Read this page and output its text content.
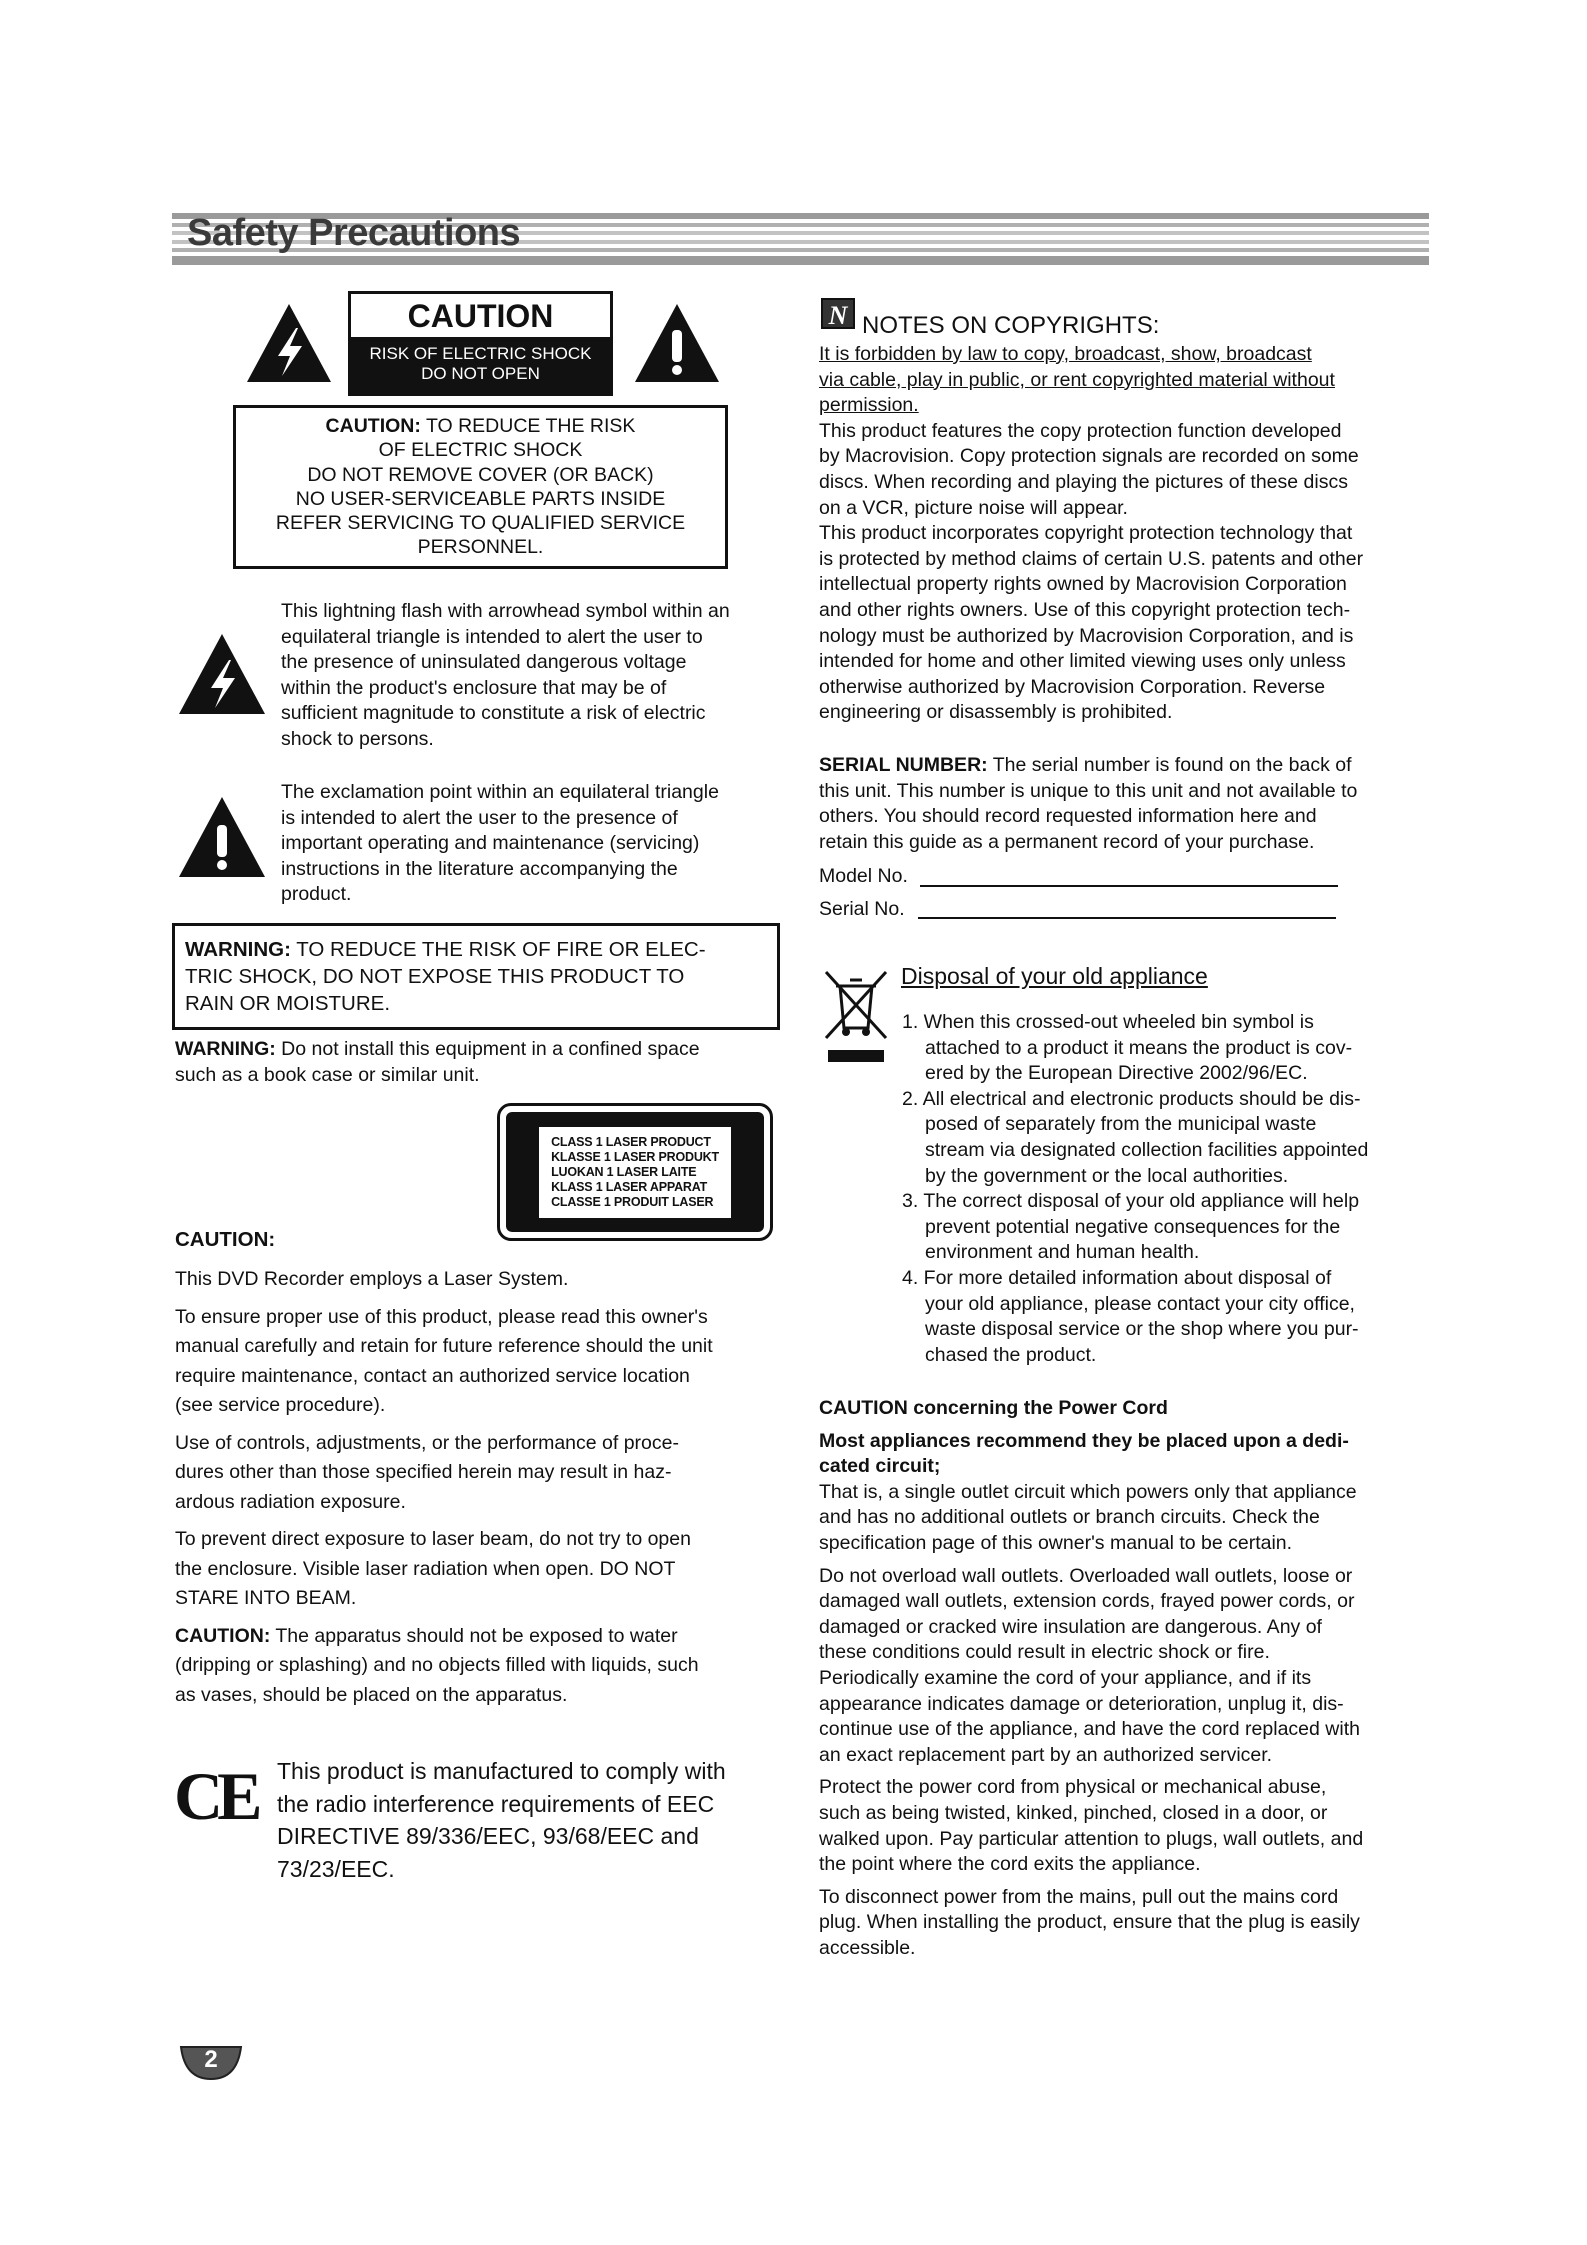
Safety Precautions
CAUTION
RISK OF ELECTRIC SHOCK
DO NOT OPEN
CAUTION: TO REDUCE THE RISK
OF ELECTRIC SHOCK
DO NOT REMOVE COVER (OR BACK)
NO USER-SERVICEABLE PARTS INSIDE
REFER SERVICING TO QUALIFIED SERVICE
PERSONNEL.
This lightning flash with arrowhead symbol within an
equilateral triangle is intended to alert the user to
the presence of uninsulated dangerous voltage
within the product's enclosure that may be of
sufficient magnitude to constitute a risk of electric
shock to persons.
The exclamation point within an equilateral triangle
is intended to alert the user to the presence of
important operating and maintenance (servicing)
instructions in the literature accompanying the
product.
WARNING: TO REDUCE THE RISK OF FIRE OR ELEC-
TRIC SHOCK, DO NOT EXPOSE THIS PRODUCT TO
RAIN OR MOISTURE.
WARNING: Do not install this equipment in a confined space
such as a book case or similar unit.
CLASS 1 LASER PRODUCT
KLASSE 1 LASER PRODUKT
LUOKAN 1 LASER LAITE
KLASS 1 LASER APPARAT
CLASSE 1 PRODUIT LASER
CAUTION:
This DVD Recorder employs a Laser System.
To ensure proper use of this product, please read this owner's
manual carefully and retain for future reference should the unit
require maintenance, contact an authorized service location
(see service procedure).
Use of controls, adjustments, or the performance of proce-
dures other than those specified herein may result in haz-
ardous radiation exposure.
To prevent direct exposure to laser beam, do not try to open
the enclosure. Visible laser radiation when open. DO NOT
STARE INTO BEAM.
CAUTION: The apparatus should not be exposed to water
(dripping or splashing) and no objects filled with liquids, such
as vases, should be placed on the apparatus.
CE This product is manufactured to comply with
the radio interference requirements of EEC
DIRECTIVE 89/336/EEC, 93/68/EEC and
73/23/EEC.
N NOTES ON COPYRIGHTS:
It is forbidden by law to copy, broadcast, show, broadcast
via cable, play in public, or rent copyrighted material without
permission.
This product features the copy protection function developed
by Macrovision. Copy protection signals are recorded on some
discs. When recording and playing the pictures of these discs
on a VCR, picture noise will appear.
This product incorporates copyright protection technology that
is protected by method claims of certain U.S. patents and other
intellectual property rights owned by Macrovision Corporation
and other rights owners. Use of this copyright protection tech-
nology must be authorized by Macrovision Corporation, and is
intended for home and other limited viewing uses only unless
otherwise authorized by Macrovision Corporation. Reverse
engineering or disassembly is prohibited.
SERIAL NUMBER: The serial number is found on the back of
this unit. This number is unique to this unit and not available to
others. You should record requested information here and
retain this guide as a permanent record of your purchase.
Model No.
Serial No.
Disposal of your old appliance
1. When this crossed-out wheeled bin symbol is
attached to a product it means the product is cov-
ered by the European Directive 2002/96/EC.
2. All electrical and electronic products should be dis-
posed of separately from the municipal waste
stream via designated collection facilities appointed
by the government or the local authorities.
3. The correct disposal of your old appliance will help
prevent potential negative consequences for the
environment and human health.
4. For more detailed information about disposal of
your old appliance, please contact your city office,
waste disposal service or the shop where you pur-
chased the product.
CAUTION concerning the Power Cord
Most appliances recommend they be placed upon a dedi-
cated circuit;
That is, a single outlet circuit which powers only that appliance
and has no additional outlets or branch circuits. Check the
specification page of this owner's manual to be certain.
Do not overload wall outlets. Overloaded wall outlets, loose or
damaged wall outlets, extension cords, frayed power cords, or
damaged or cracked wire insulation are dangerous. Any of
these conditions could result in electric shock or fire.
Periodically examine the cord of your appliance, and if its
appearance indicates damage or deterioration, unplug it, dis-
continue use of the appliance, and have the cord replaced with
an exact replacement part by an authorized servicer.
Protect the power cord from physical or mechanical abuse,
such as being twisted, kinked, pinched, closed in a door, or
walked upon. Pay particular attention to plugs, wall outlets, and
the point where the cord exits the appliance.
To disconnect power from the mains, pull out the mains cord
plug. When installing the product, ensure that the plug is easily
accessible.
2
